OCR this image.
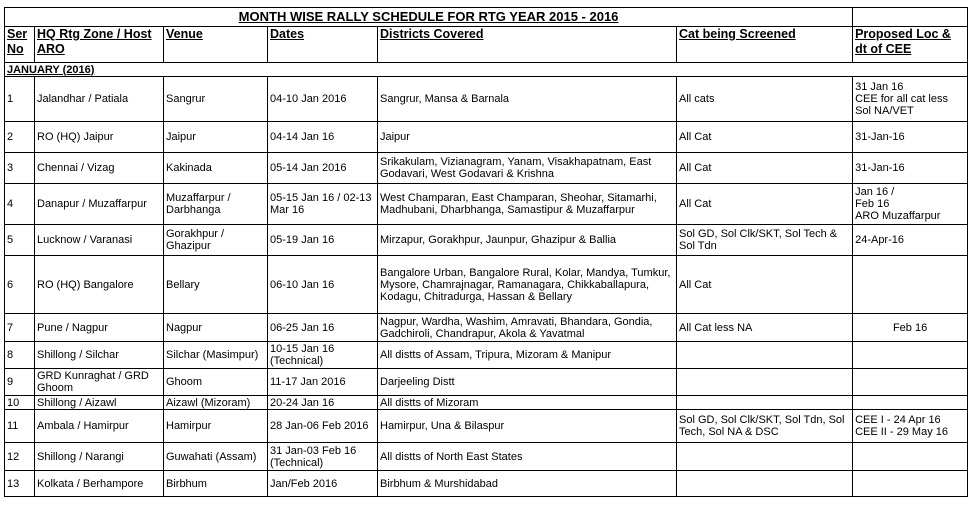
MONTH WISE RALLY SCHEDULE FOR RTG YEAR 2015 - 2016						
Ser No	HQ Rtg Zone / Host ARO	Venue	Dates	Districts Covered	Cat being Screened	Proposed Loc & dt of CEE
JANUARY (2016)						
1	Jalandhar / Patiala	Sangrur	04-10 Jan 2016	Sangrur, Mansa & Barnala	All cats	31 Jan 16
CEE for all cat less Sol NA/VET
2	RO (HQ) Jaipur	Jaipur	04-14 Jan 16	Jaipur	All Cat	31-Jan-16
3	Chennai / Vizag	Kakinada	05-14 Jan 2016	Srikakulam, Vizianagram, Yanam, Visakhapatnam, East Godavari, West Godavari & Krishna	All Cat	31-Jan-16
4	Danapur / Muzaffarpur	Muzaffarpur / Darbhanga	05-15 Jan 16 / 02-13 Mar 16	West Champaran, East Champaran, Sheohar, Sitamarhi, Madhubani, Dharbhanga, Samastipur & Muzaffarpur	All Cat	Jan 16 /
Feb 16
ARO Muzaffarpur
5	Lucknow / Varanasi	Gorakhpur / Ghazipur	05-19 Jan 16	Mirzapur, Gorakhpur, Jaunpur, Ghazipur & Ballia	Sol GD, Sol Clk/SKT, Sol Tech & Sol Tdn	24-Apr-16
6	RO (HQ) Bangalore	Bellary	06-10 Jan 16	Bangalore Urban, Bangalore Rural, Kolar, Mandya, Tumkur, Mysore, Chamrajnagar, Ramanagara, Chikkaballapura, Kodagu, Chitradurga, Hassan & Bellary	All Cat	
7	Pune / Nagpur	Nagpur	06-25 Jan 16	Nagpur, Wardha, Washim, Amravati, Bhandara, Gondia, Gadchiroli, Chandrapur, Akola & Yavatmal	All Cat less NA	Feb 16
8	Shillong / Silchar	Silchar (Masimpur)	10-15 Jan 16 (Technical)	All distts of Assam, Tripura, Mizoram & Manipur		
9	GRD Kunraghat / GRD Ghoom	Ghoom	11-17 Jan 2016	Darjeeling Distt		
10	Shillong / Aizawl	Aizawl (Mizoram)	20-24 Jan 16	All distts of Mizoram		
11	Ambala / Hamirpur	Hamirpur	28 Jan-06 Feb 2016	Hamirpur, Una & Bilaspur	Sol GD, Sol Clk/SKT, Sol Tdn, Sol Tech, Sol NA & DSC	CEE I - 24 Apr 16
CEE II - 29 May 16
12	Shillong / Narangi	Guwahati (Assam)	31 Jan-03 Feb 16 (Technical)	All distts of North East States		
13	Kolkata / Berhampore	Birbhum	Jan/Feb 2016	Birbhum & Murshidabad		
